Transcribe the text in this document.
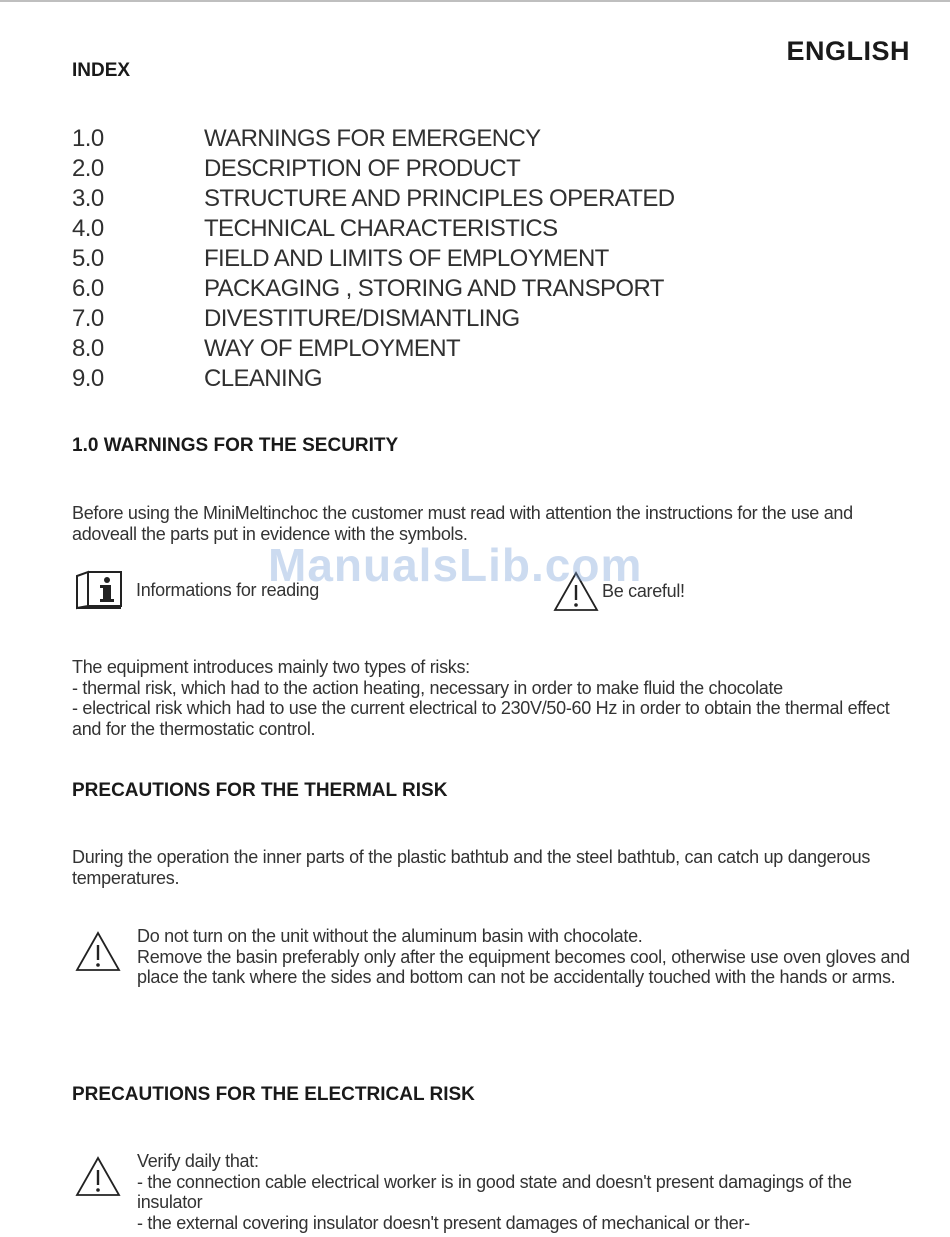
ENGLISH
INDEX
1.0	WARNINGS FOR EMERGENCY
2.0	DESCRIPTION OF PRODUCT
3.0	STRUCTURE AND PRINCIPLES OPERATED
4.0	TECHNICAL CHARACTERISTICS
5.0	FIELD AND LIMITS OF EMPLOYMENT
6.0	PACKAGING , STORING AND TRANSPORT
7.0	DIVESTITURE/DISMANTLING
8.0	WAY OF EMPLOYMENT
9.0	CLEANING
1.0 WARNINGS FOR THE SECURITY
Before using the MiniMeltinchoc the customer must read with attention the instructions for the use and adoveall the parts put in evidence with the symbols.
Informations for reading	Be careful!
ManualsLib.com

The equipment introduces mainly two types of risks:

- thermal risk, which had to the action heating, necessary in order to make fluid the chocolate

- electrical risk which had to use the current electrical to 230V/50-60 Hz in order to obtain the thermal effect and for the thermostatic control.

PRECAUTIONS FOR THE THERMAL RISK
During the operation the inner parts of the plastic bathtub and the steel bathtub, can catch up dangerous temperatures.

Do not turn on the unit without the aluminum basin with chocolate.

Remove the basin preferably only after the equipment becomes cool, otherwise use oven gloves and place the tank where the sides and bottom can not be accidentally touched with the hands or arms.

PRECAUTIONS FOR THE ELECTRICAL RISK

Verify daily that:

- the connection cable electrical worker is in good state and doesn't present damagings of the insulator

- the external covering insulator doesn't present damages of mechanical or ther-
